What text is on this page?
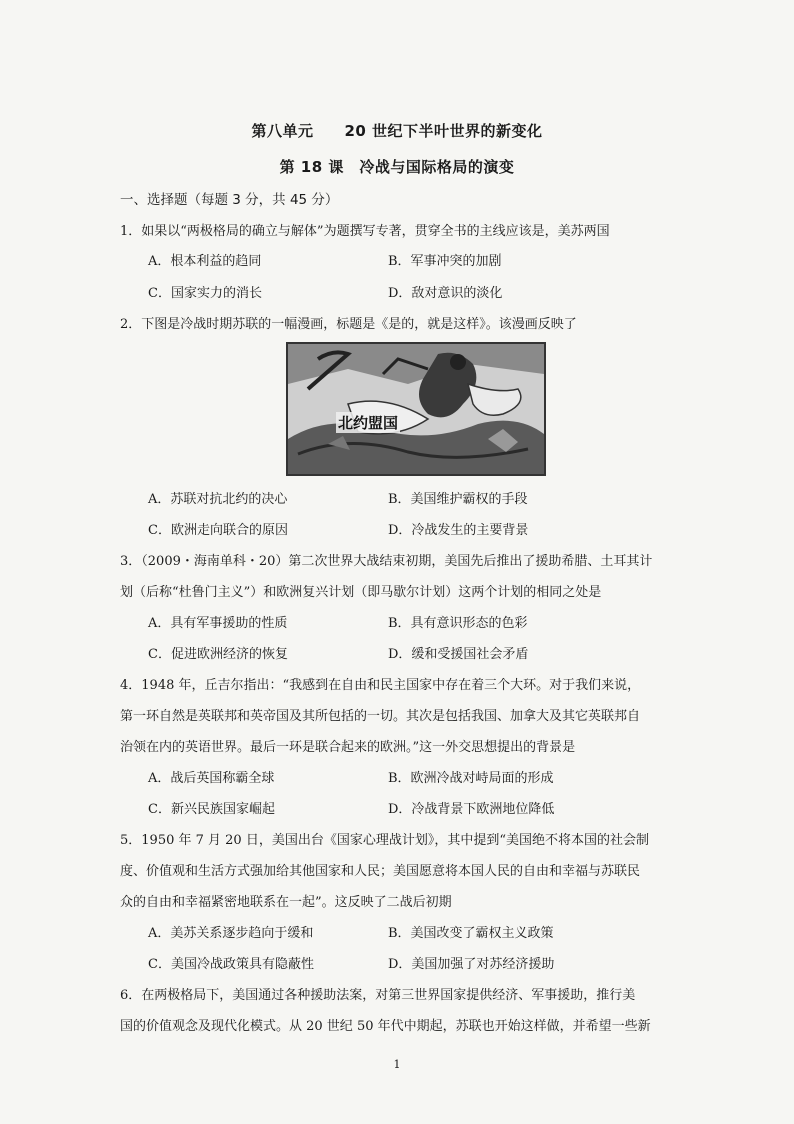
第八单元　　20 世纪下半叶世界的新变化
第 18 课　冷战与国际格局的演变
一、选择题（每题 3 分，共 45 分）
1．如果以“两极格局的确立与解体”为题撰写专著，贯穿全书的主线应该是，美苏两国
A．根本利益的趋同	B．军事冲突的加剧
C．国家实力的消长	D．敌对意识的淡化
2．下图是冷战时期苏联的一幅漫画，标题是《是的，就是这样》。该漫画反映了
北约盟国
A．苏联对抗北约的决心	B．美国维护霸权的手段
C．欧洲走向联合的原因	D．冷战发生的主要背景
3．（2009・海南单科・20）第二次世界大战结束初期，美国先后推出了援助希腊、土耳其计
划（后称“杜鲁门主义”）和欧洲复兴计划（即马歇尔计划）这两个计划的相同之处是
A．具有军事援助的性质	B．具有意识形态的色彩
C．促进欧洲经济的恢复	D．缓和受援国社会矛盾
4．1948 年，丘吉尔指出：“我感到在自由和民主国家中存在着三个大环。对于我们来说，
第一环自然是英联邦和英帝国及其所包括的一切。其次是包括我国、加拿大及其它英联邦自
治领在内的英语世界。最后一环是联合起来的欧洲。”这一外交思想提出的背景是
A．战后英国称霸全球	B．欧洲冷战对峙局面的形成
C．新兴民族国家崛起	D．冷战背景下欧洲地位降低
5．1950 年 7 月 20 日，美国出台《国家心理战计划》，其中提到“美国绝不将本国的社会制
度、价值观和生活方式强加给其他国家和人民；美国愿意将本国人民的自由和幸福与苏联民
众的自由和幸福紧密地联系在一起”。这反映了二战后初期
A．美苏关系逐步趋向于缓和	B．美国改变了霸权主义政策
C．美国冷战政策具有隐蔽性	D．美国加强了对苏经济援助
6．在两极格局下，美国通过各种援助法案，对第三世界国家提供经济、军事援助，推行美
国的价值观念及现代化模式。从 20 世纪 50 年代中期起，苏联也开始这样做，并希望一些新
1
